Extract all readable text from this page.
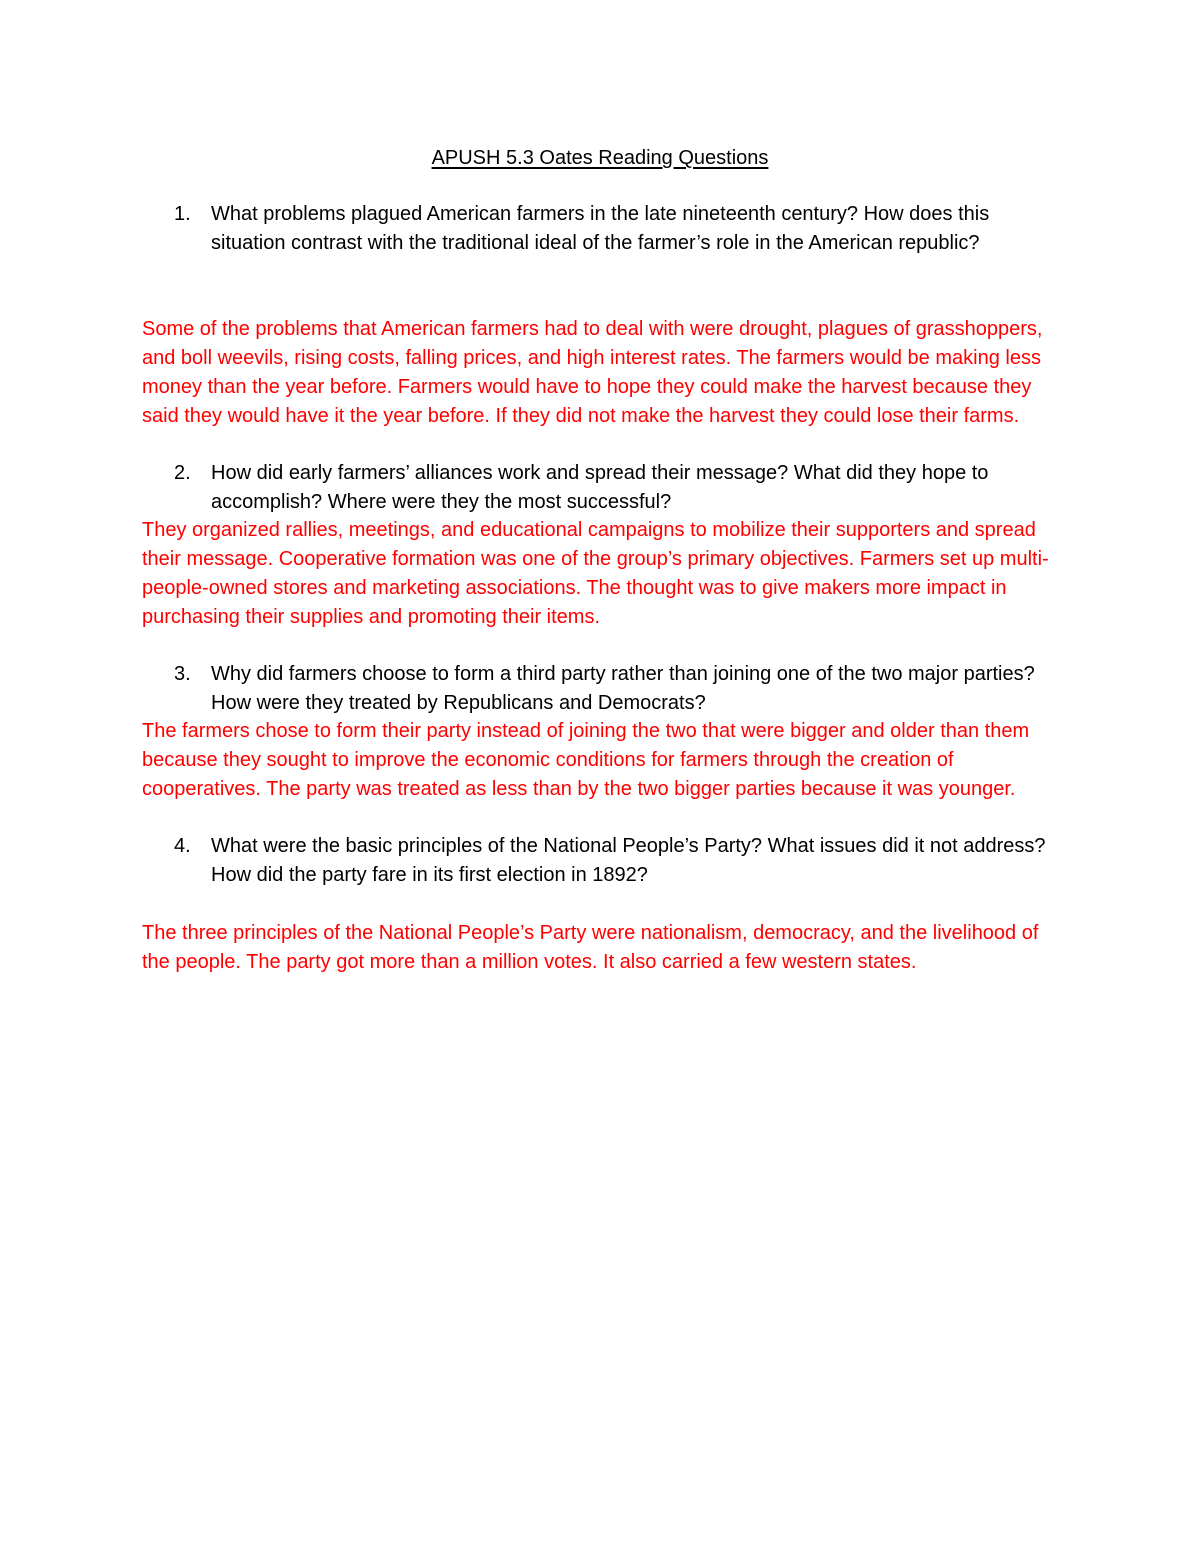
APUSH 5.3 Oates Reading Questions
1.	What problems plagued American farmers in the late nineteenth century? How does this situation contrast with the traditional ideal of the farmer’s role in the American republic?
Some of the problems that American farmers had to deal with were drought, plagues of grasshoppers, and boll weevils, rising costs, falling prices, and high interest rates. The farmers would be making less money than the year before. Farmers would have to hope they could make the harvest because they said they would have it the year before. If they did not make the harvest they could lose their farms.
2.	How did early farmers’ alliances work and spread their message? What did they hope to accomplish? Where were they the most successful?
They organized rallies, meetings, and educational campaigns to mobilize their supporters and spread their message. Cooperative formation was one of the group’s primary objectives. Farmers set up multi-people-owned stores and marketing associations. The thought was to give makers more impact in purchasing their supplies and promoting their items.
3.	Why did farmers choose to form a third party rather than joining one of the two major parties? How were they treated by Republicans and Democrats?
The farmers chose to form their party instead of joining the two that were bigger and older than them because they sought to improve the economic conditions for farmers through the creation of cooperatives. The party was treated as less than by the two bigger parties because it was younger.
4.	What were the basic principles of the National People’s Party? What issues did it not address? How did the party fare in its first election in 1892?
The three principles of the National People’s Party were nationalism, democracy, and the livelihood of the people. The party got more than a million votes. It also carried a few western states.
